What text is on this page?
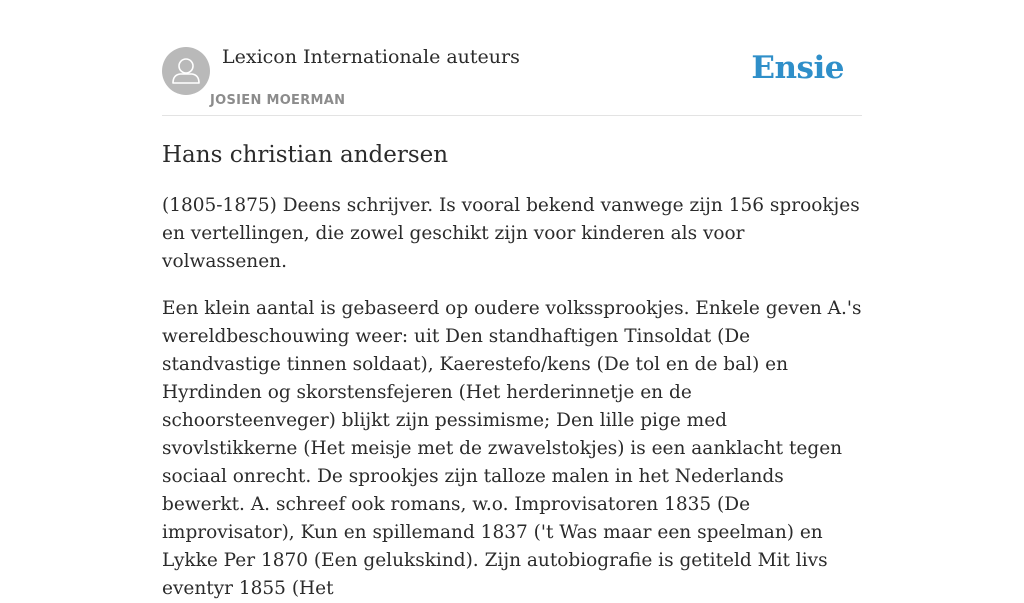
Lexicon Internationale auteurs
JOSIEN MOERMAN
Ensie
Hans christian andersen

(1805-1875) Deens schrijver. Is vooral bekend vanwege zijn 156 sprookjes en vertellingen, die zowel geschikt zijn voor kinderen als voor volwassenen.

Een klein aantal is gebaseerd op oudere volkssprookjes. Enkele geven A.'s wereldbeschouwing weer: uit Den standhaftigen Tinsoldat (De standvastige tinnen soldaat), Kaerestefo/kens (De tol en de bal) en Hyrdinden og skorstensfejeren (Het herderinnetje en de schoorsteenveger) blijkt zijn pessimisme; Den lille pige med svovlstikkerne (Het meisje met de zwavelstokjes) is een aanklacht tegen sociaal onrecht. De sprookjes zijn talloze malen in het Nederlands bewerkt. A. schreef ook romans, w.o. Improvisatoren 1835 (De improvisator), Kun en spillemand 1837 ('t Was maar een speelman) en Lykke Per 1870 (Een gelukskind). Zijn autobiografie is getiteld Mit livs eventyr 1855 (Het
